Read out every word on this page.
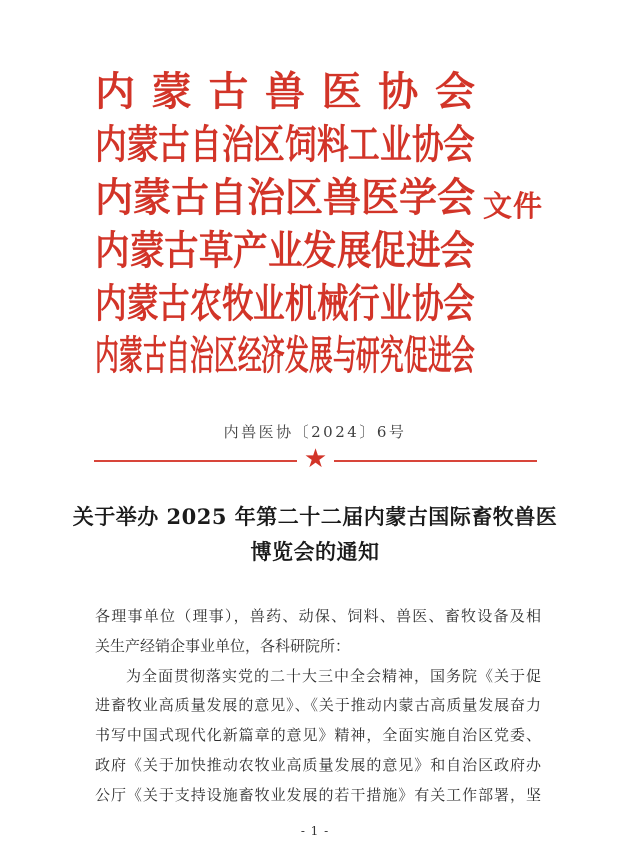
内 蒙 古 兽 医 协 会
内 蒙 古 自 治 区 饲 料 工 业 协 会
内 蒙 古 自 治 区 兽 医 学 会
内 蒙 古 草 产 业 发 展 促 进 会
内 蒙 古 农 牧 业 机 械 行 业 协 会
内 蒙 古 自 治 区 经 济 发 展 与 研 究 促 进 会
文件
内兽医协〔2024〕6号
★
关于举办 2025 年第二十二届内蒙古国际畜牧兽医
博览会的通知
各理事单位（理事），兽药、动保、饲料、兽医、畜牧设备及相
关生产经销企事业单位，各科研院所：
为全面贯彻落实党的二十大三中全会精神，国务院《关于促
进畜牧业高质量发展的意见》、《关于推动内蒙古高质量发展奋力
书写中国式现代化新篇章的意见》精神，全面实施自治区党委、
政府《关于加快推动农牧业高质量发展的意见》和自治区政府办
公厅《关于支持设施畜牧业发展的若干措施》有关工作部署，坚
- 1 -
